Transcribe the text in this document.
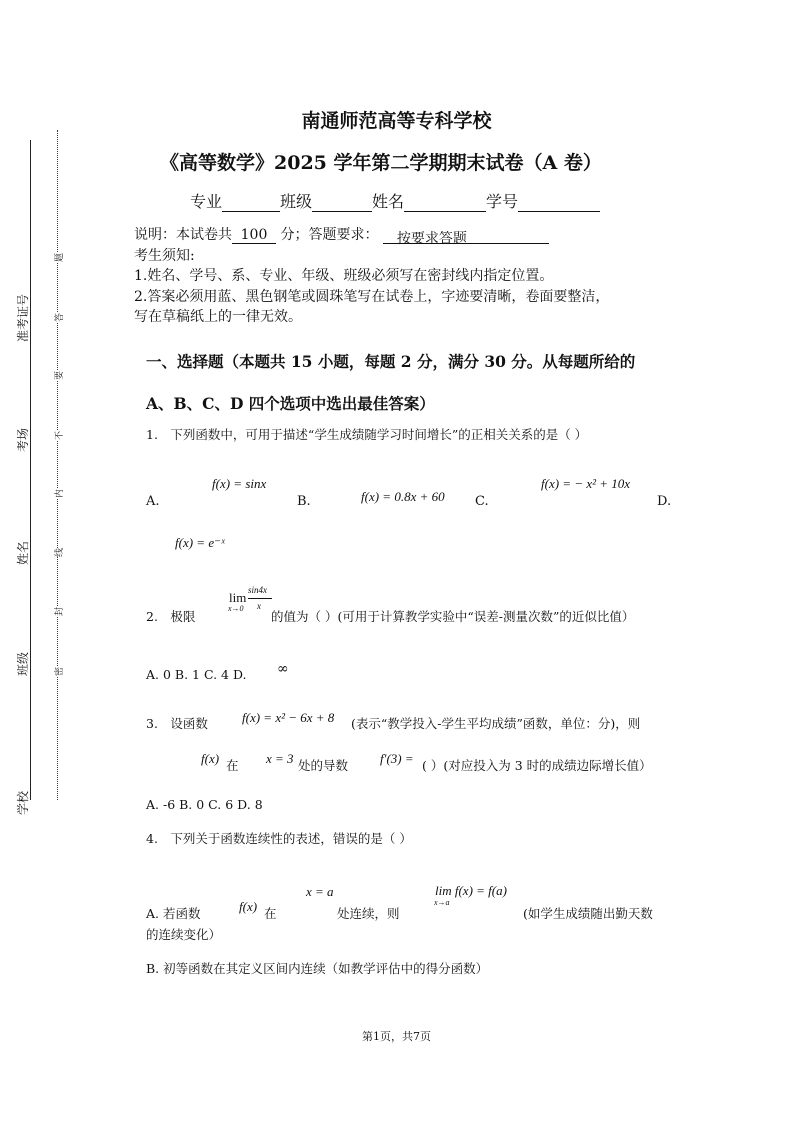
准考证号
考场
姓名
班级
学校
题
答
要
不
内
线
封
密
南通师范高等专科学校
《高等数学》2025 学年第二学期期末试卷（A 卷）
专业	班级	姓名	学号
说明：本试卷共 100 分；答题要求： 按要求答题
考生须知:
1.姓名、学号、系、专业、年级、班级必须写在密封线内指定位置。
2.答案必须用蓝、黑色钢笔或圆珠笔写在试卷上，字迹要清晰，卷面要整洁，
写在草稿纸上的一律无效。
一、选择题（本题共 15 小题，每题 2 分，满分 30 分。从每题所给的
A、B、C、D 四个选项中选出最佳答案）
1.　下列函数中，可用于描述“学生成绩随学习时间增长”的正相关关系的是（ ）
A.
f(x) = sinx
B.	f(x) = 0.8x + 60 C.
f(x) = − x² + 10x
D.
f(x) = e⁻ˣ
2.　极限
lim
x→0
sin4x
x
的值为（ ）(可用于计算教学实验中“误差-测量次数”的近似比值）
A. 0 B. 1 C. 4 D. ∞
3.　设函数	f(x) = x² − 6x + 8 (表示“教学投入-学生平均成绩”函数，单位：分)，则
f(x) 在 x = 3 处的导数 f′(3) = ( ）(对应投入为 3 时的成绩边际增长值）
A. -6 B. 0 C. 6 D. 8
4.　下列关于函数连续性的表述，错误的是（ ）
x = a	lim f(x) = f(a)
x→a
A. 若函数	f(x) 在	处连续，则	(如学生成绩随出勤天数
的连续变化）
B. 初等函数在其定义区间内连续（如教学评估中的得分函数）
第1页，共7页
